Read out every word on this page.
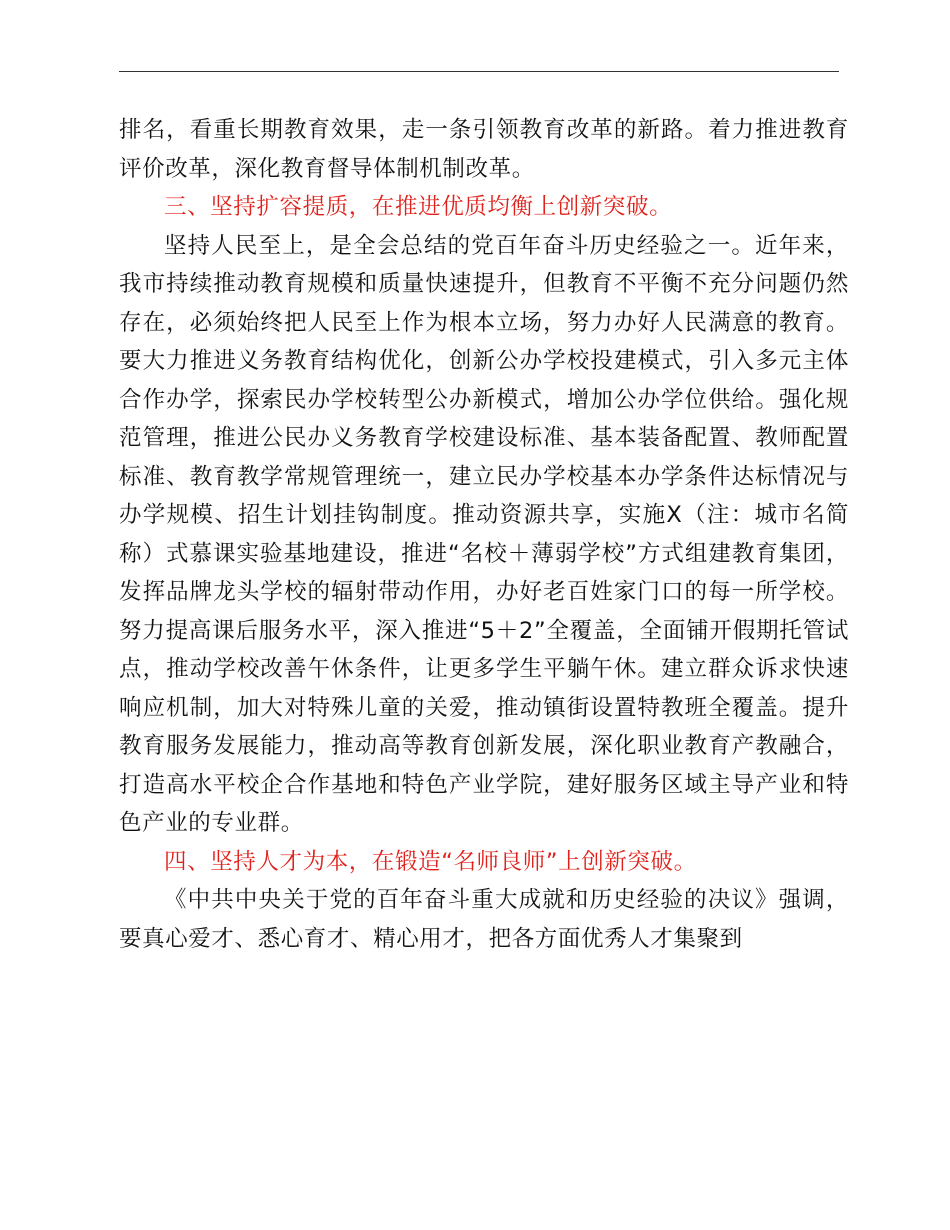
排名，看重长期教育效果，走一条引领教育改革的新路。着力推进教育评价改革，深化教育督导体制机制改革。

三、坚持扩容提质，在推进优质均衡上创新突破。

坚持人民至上，是全会总结的党百年奋斗历史经验之一。近年来，我市持续推动教育规模和质量快速提升，但教育不平衡不充分问题仍然存在，必须始终把人民至上作为根本立场，努力办好人民满意的教育。要大力推进义务教育结构优化，创新公办学校投建模式，引入多元主体合作办学，探索民办学校转型公办新模式，增加公办学位供给。强化规范管理，推进公民办义务教育学校建设标准、基本装备配置、教师配置标准、教育教学常规管理统一，建立民办学校基本办学条件达标情况与办学规模、招生计划挂钩制度。推动资源共享，实施X（注：城市名简称）式慕课实验基地建设，推进“名校＋薄弱学校”方式组建教育集团，发挥品牌龙头学校的辐射带动作用，办好老百姓家门口的每一所学校。努力提高课后服务水平，深入推进“5＋2”全覆盖，全面铺开假期托管试点，推动学校改善午休条件，让更多学生平躺午休。建立群众诉求快速响应机制，加大对特殊儿童的关爱，推动镇街设置特教班全覆盖。提升教育服务发展能力，推动高等教育创新发展，深化职业教育产教融合，打造高水平校企合作基地和特色产业学院，建好服务区域主导产业和特色产业的专业群。

四、坚持人才为本，在锻造“名师良师”上创新突破。

《中共中央关于党的百年奋斗重大成就和历史经验的决议》强调，要真心爱才、悉心育才、精心用才，把各方面优秀人才集聚到
